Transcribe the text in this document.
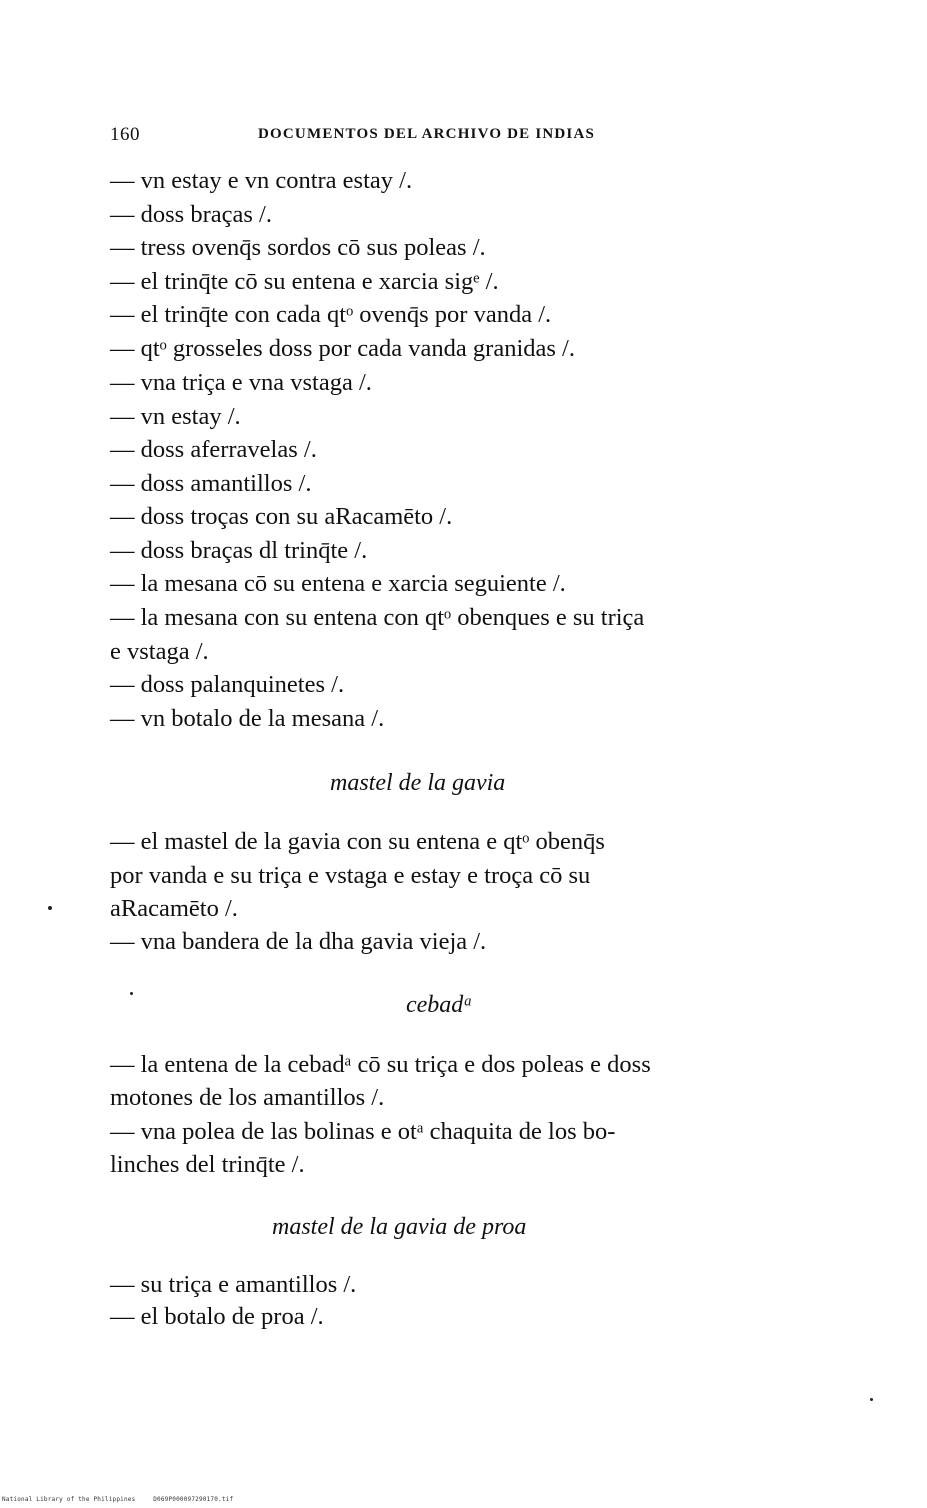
160	DOCUMENTOS DEL ARCHIVO DE INDIAS
— vn estay e vn contra estay /.
— doss braças /.
— tress ovenq̄s sordos cō sus poleas /.
— el trinq̄te cō su entena e xarcia sigᵉ /.
— el trinq̄te con cada qtᵒ ovenq̄s por vanda /.
— qtᵒ grosseles doss por cada vanda granidas /.
— vna triça e vna vstaga /.
— vn estay /.
— doss aferravelas /.
— doss amantillos /.
— doss troças con su aRacamēto /.
— doss braças dl trinq̄te /.
— la mesana cō su entena e xarcia seguiente /.
— la mesana con su entena con qtᵒ obenques e su triça
e vstaga /.
— doss palanquinetes /.
— vn botalo de la mesana /.
mastel de la gavia
— el mastel de la gavia con su entena e qtᵒ obenq̄s
por vanda e su triça e vstaga e estay e troça cō su
aRacamēto /.
— vna bandera de la dha gavia vieja /.
cebadᵃ
— la entena de la cebadᵃ cō su triça e dos poleas e doss
motones de los amantillos /.
— vna polea de las bolinas e otᵃ chaquita de los bo-
linches del trinq̄te /.
mastel de la gavia de proa
— su triça e amantillos /.
— el botalo de proa /.
National Library of the Philippines	D069P000097290170.tif
